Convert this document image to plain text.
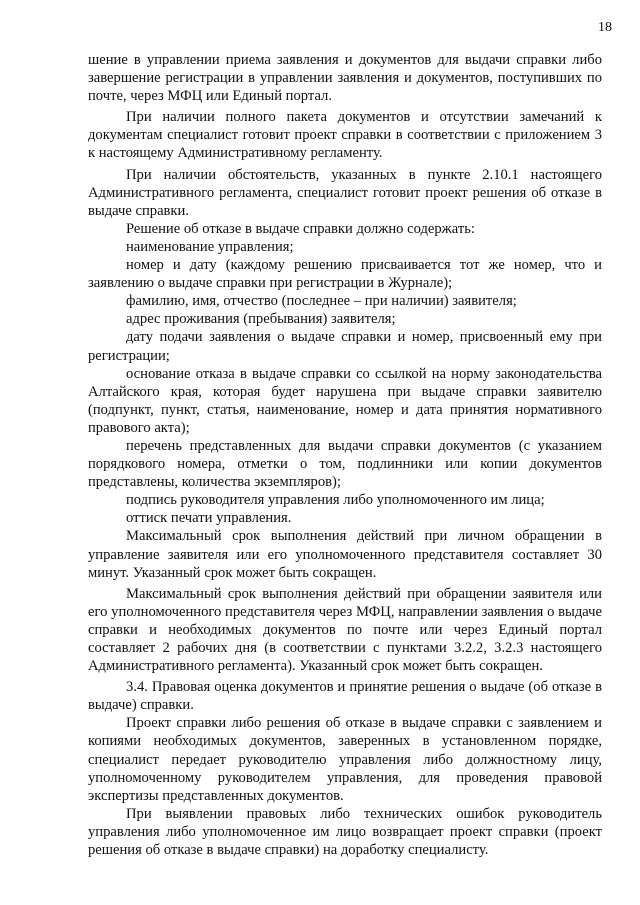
18

шение в управлении приема заявления и документов для выдачи справки либо завершение регистрации в управлении заявления и документов, поступивших по почте, через МФЦ или Единый портал.

При наличии полного пакета документов и отсутствии замечаний к документам специалист готовит проект справки в соответствии с приложением 3 к настоящему Административному регламенту.

При наличии обстоятельств, указанных в пункте 2.10.1 настоящего Административного регламента, специалист готовит проект решения об отказе в выдаче справки.

Решение об отказе в выдаче справки должно содержать:

наименование управления;

номер и дату (каждому решению присваивается тот же номер, что и заявлению о выдаче справки при регистрации в Журнале);

фамилию, имя, отчество (последнее – при наличии) заявителя;

адрес проживания (пребывания) заявителя;

дату подачи заявления о выдаче справки и номер, присвоенный ему при регистрации;

основание отказа в выдаче справки со ссылкой на норму законодательства Алтайского края, которая будет нарушена при выдаче справки заявителю (подпункт, пункт, статья, наименование, номер и дата принятия нормативного правового акта);

перечень представленных для выдачи справки документов (с указанием порядкового номера, отметки о том, подлинники или копии документов представлены, количества экземпляров);

подпись руководителя управления либо уполномоченного им лица;

оттиск печати управления.

Максимальный срок выполнения действий при личном обращении в управление заявителя или его уполномоченного представителя составляет 30 минут. Указанный срок может быть сокращен.

Максимальный срок выполнения действий при обращении заявителя или его уполномоченного представителя через МФЦ, направлении заявления о выдаче справки и необходимых документов по почте или через Единый портал составляет 2 рабочих дня (в соответствии с пунктами 3.2.2, 3.2.3 настоящего Административного регламента). Указанный срок может быть сокращен.

3.4. Правовая оценка документов и принятие решения о выдаче (об отказе в выдаче) справки.

Проект справки либо решения об отказе в выдаче справки с заявлением и копиями необходимых документов, заверенных в установленном порядке, специалист передает руководителю управления либо должностному лицу, уполномоченному руководителем управления, для проведения правовой экспертизы представленных документов.

При выявлении правовых либо технических ошибок руководитель управления либо уполномоченное им лицо возвращает проект справки (проект решения об отказе в выдаче справки) на доработку специалисту.
